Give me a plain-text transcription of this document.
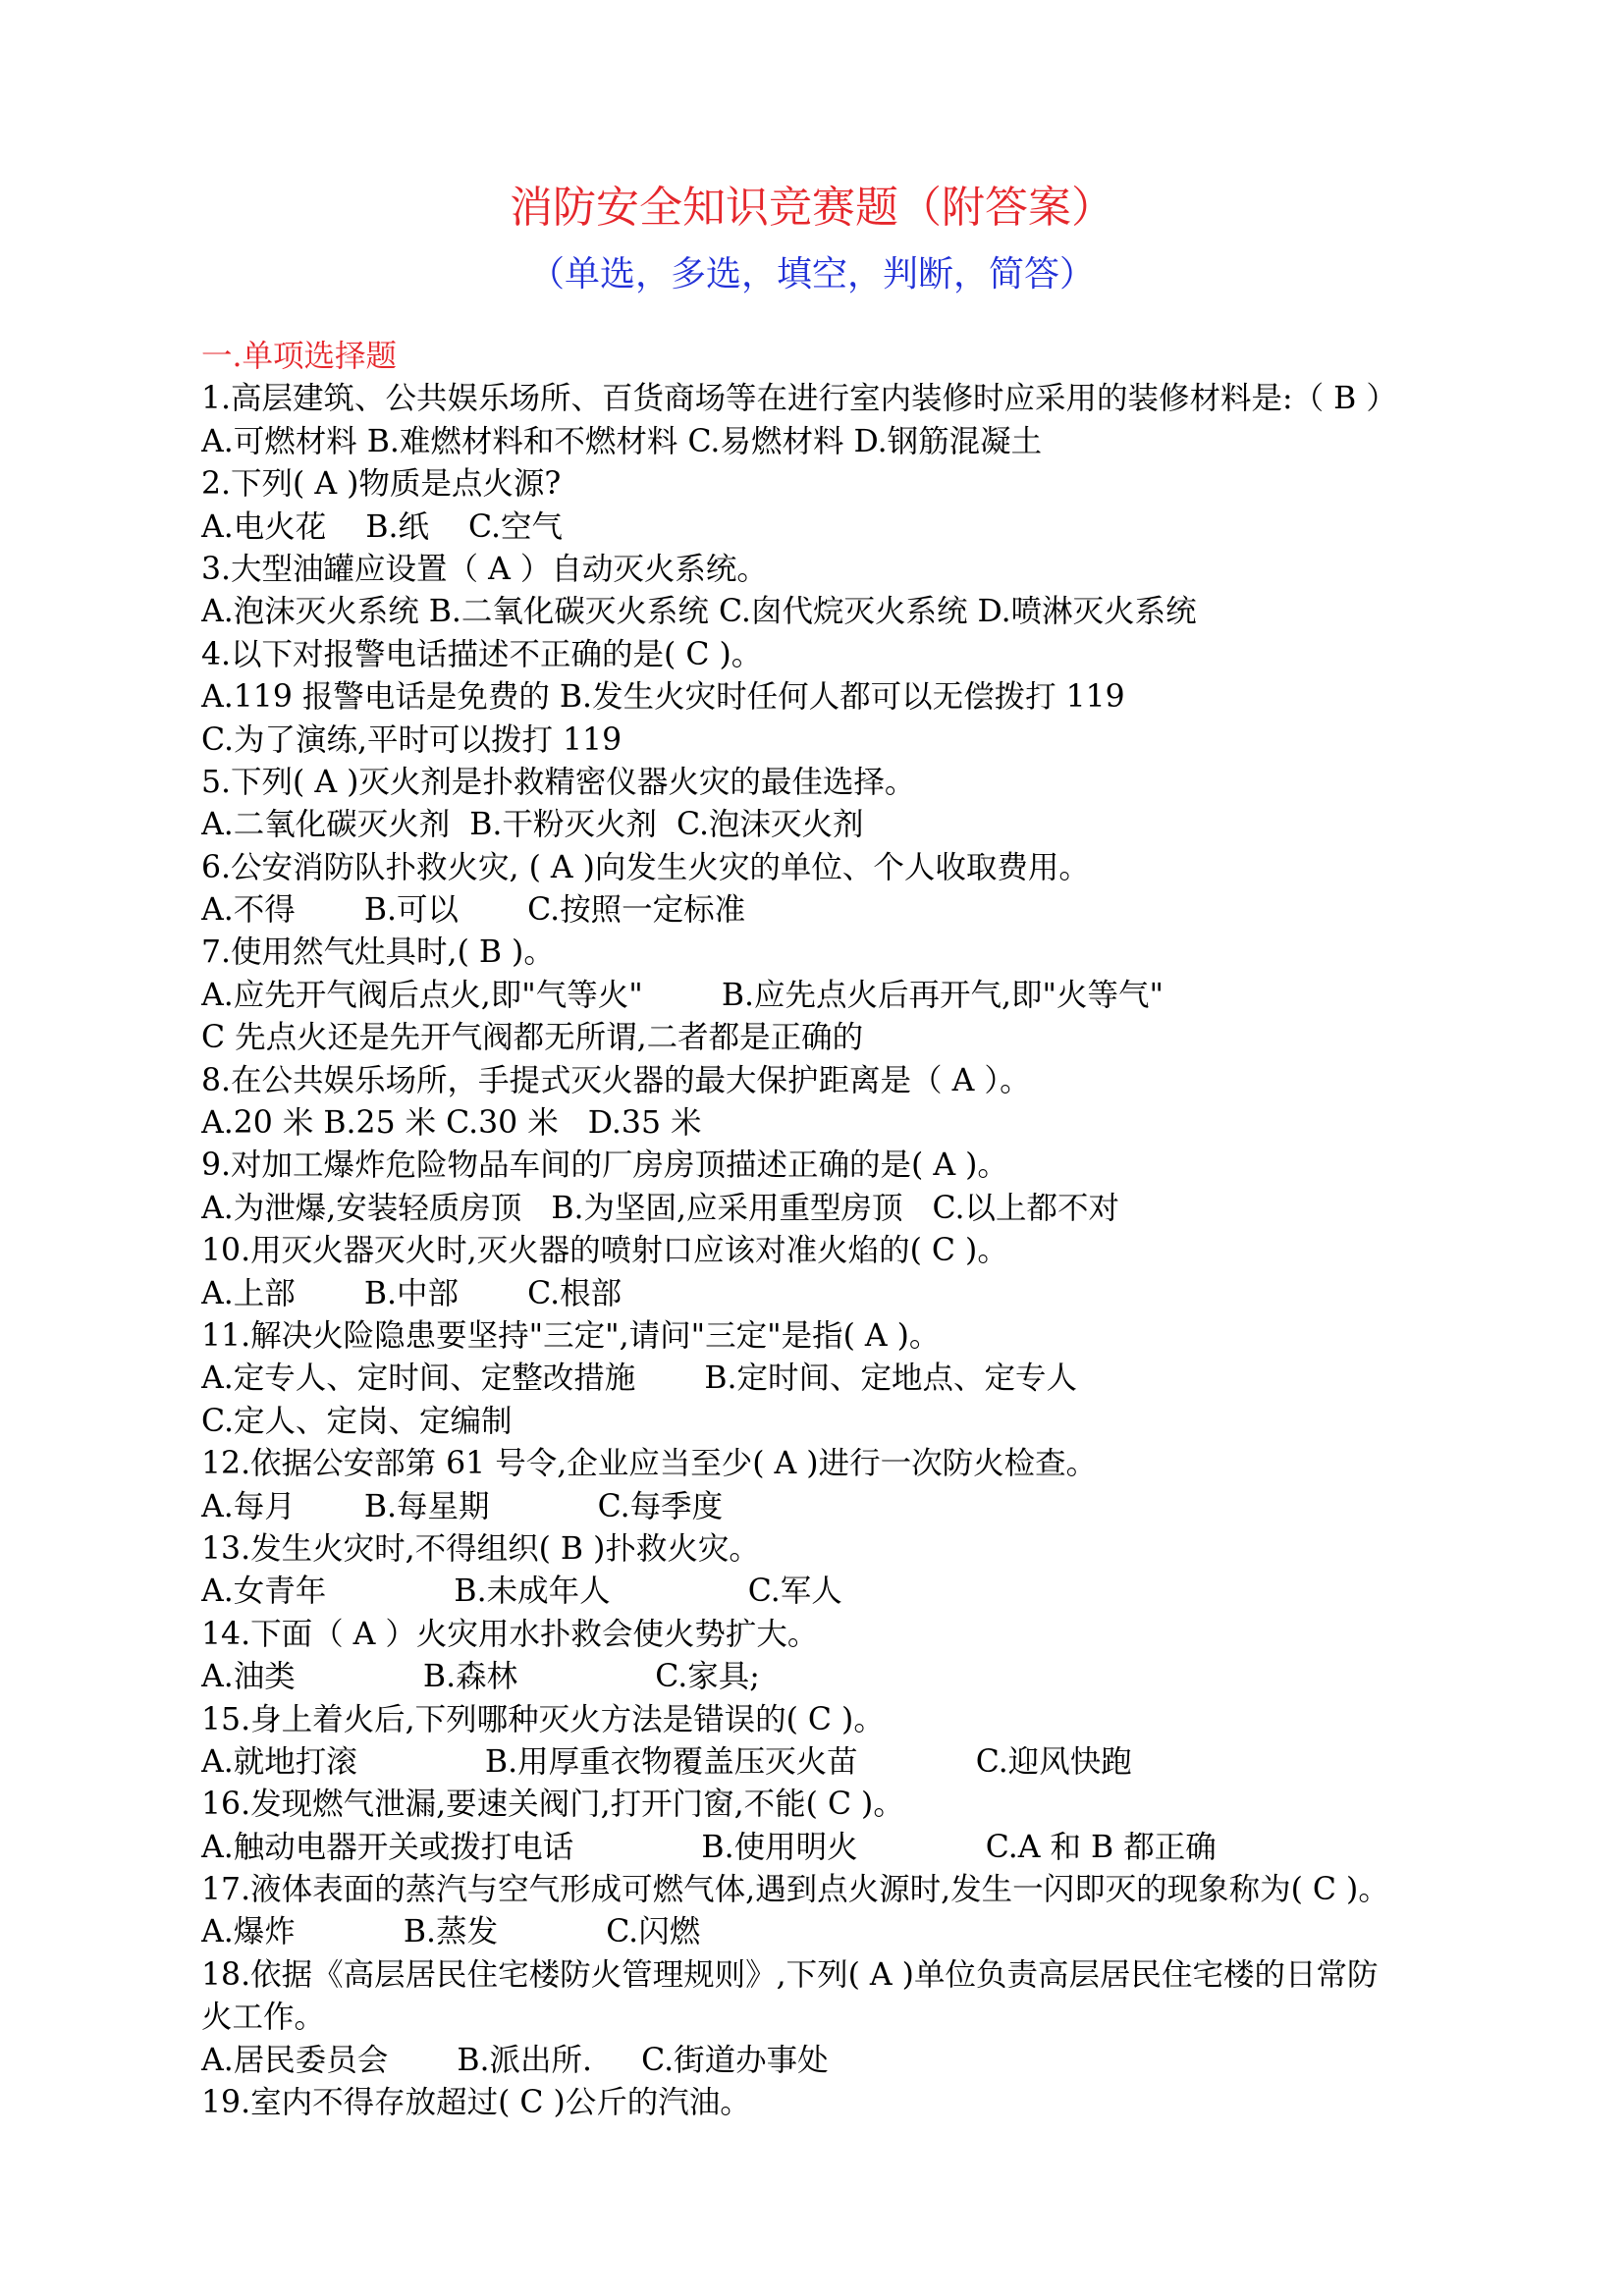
消防安全知识竞赛题（附答案）
（单选，多选，填空，判断，简答）
一.单项选择题
1.高层建筑、公共娱乐场所、百货商场等在进行室内装修时应采用的装修材料是:（ B ）
A.可燃材料 B.难燃材料和不燃材料 C.易燃材料 D.钢筋混凝土
2.下列( A )物质是点火源?
A.电火花    B.纸    C.空气
3.大型油罐应设置（ A ）自动灭火系统。
A.泡沫灭火系统 B.二氧化碳灭火系统 C.囱代烷灭火系统 D.喷淋灭火系统
4.以下对报警电话描述不正确的是( C )。
A.119 报警电话是免费的 B.发生火灾时任何人都可以无偿拨打 119
C.为了演练,平时可以拨打 119
5.下列( A )灭火剂是扑救精密仪器火灾的最佳选择。
A.二氧化碳灭火剂  B.干粉灭火剂  C.泡沫灭火剂
6.公安消防队扑救火灾, ( A )向发生火灾的单位、个人收取费用。
A.不得       B.可以       C.按照一定标准
7.使用然气灶具时,( B )。
A.应先开气阀后点火,即"气等火"        B.应先点火后再开气,即"火等气"
C 先点火还是先开气阀都无所谓,二者都是正确的
8.在公共娱乐场所，手提式灭火器的最大保护距离是（ A ）。
A.20 米 B.25 米 C.30 米   D.35 米
9.对加工爆炸危险物品车间的厂房房顶描述正确的是( A )。
A.为泄爆,安装轻质房顶   B.为坚固,应采用重型房顶   C.以上都不对
10.用灭火器灭火时,灭火器的喷射口应该对准火焰的( C )。
A.上部       B.中部       C.根部
11.解决火险隐患要坚持"三定",请问"三定"是指( A )。
A.定专人、定时间、定整改措施       B.定时间、定地点、定专人
C.定人、定岗、定编制
12.依据公安部第 61 号令,企业应当至少( A )进行一次防火检查。
A.每月       B.每星期           C.每季度
13.发生火灾时,不得组织( B )扑救火灾。
A.女青年             B.未成年人              C.军人
14.下面（ A ）火灾用水扑救会使火势扩大。
A.油类             B.森林              C.家具;
15.身上着火后,下列哪种灭火方法是错误的( C )。
A.就地打滚             B.用厚重衣物覆盖压灭火苗            C.迎风快跑
16.发现燃气泄漏,要速关阀门,打开门窗,不能( C )。
A.触动电器开关或拨打电话             B.使用明火             C.A 和 B 都正确
17.液体表面的蒸汽与空气形成可燃气体,遇到点火源时,发生一闪即灭的现象称为( C )。
A.爆炸           B.蒸发           C.闪燃
18.依据《高层居民住宅楼防火管理规则》,下列( A )单位负责高层居民住宅楼的日常防
火工作。
A.居民委员会       B.派出所.     C.街道办事处
19.室内不得存放超过( C )公斤的汽油。
